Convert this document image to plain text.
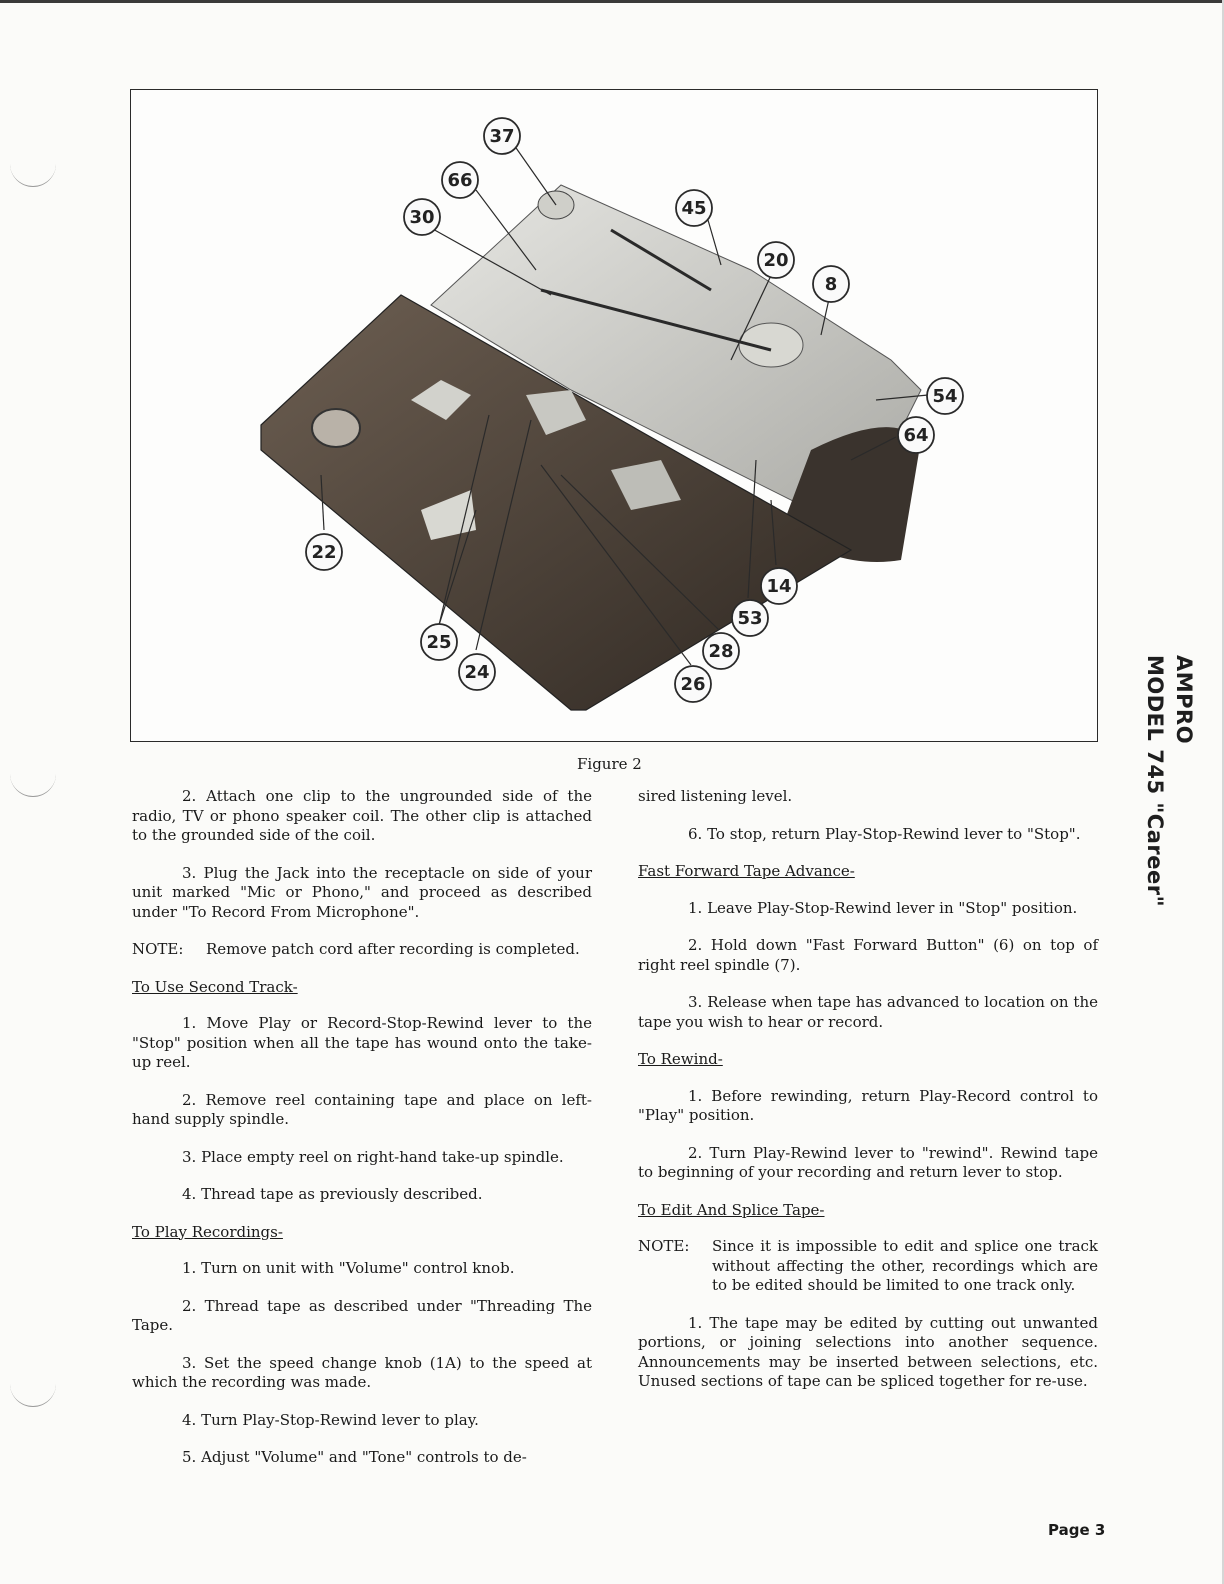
AMPRO
MODEL 745 "Career"
37
66
30	45
20
8
54
64
22
14
53
28
26
25
24
Figure 2

2. Attach one clip to the ungrounded side of the radio, TV or phono speaker coil. The other clip is attached to the grounded side of the coil.

3. Plug the Jack into the receptacle on side of your unit marked "Mic or Phono," and proceed as described under "To Record From Microphone".

NOTE:	Remove patch cord after recording is completed.

To Use Second Track-

1. Move Play or Record-Stop-Rewind lever to the "Stop" position when all the tape has wound onto the take-up reel.

2. Remove reel containing tape and place on left-hand supply spindle.

3. Place empty reel on right-hand take-up spindle.

4. Thread tape as previously described.

To Play Recordings-

1. Turn on unit with "Volume" control knob.

2. Thread tape as described under "Threading The Tape.

3. Set the speed change knob (1A) to the speed at which the recording was made.

4. Turn Play-Stop-Rewind lever to play.

5. Adjust "Volume" and "Tone" controls to de-

sired listening level.

6. To stop, return Play-Stop-Rewind lever to "Stop".

Fast Forward Tape Advance-

1. Leave Play-Stop-Rewind lever in "Stop" position.

2. Hold down "Fast Forward Button" (6) on top of right reel spindle (7).

3. Release when tape has advanced to location on the tape you wish to hear or record.

To Rewind-

1. Before rewinding, return Play-Record control to "Play" position.

2. Turn Play-Rewind lever to "rewind". Rewind tape to beginning of your recording and return lever to stop.

To Edit And Splice Tape-

NOTE:	Since it is impossible to edit and splice one track without affecting the other, recordings which are to be edited should be limited to one track only.

1. The tape may be edited by cutting out unwanted portions, or joining selections into another sequence. Announcements may be inserted between selections, etc. Unused sections of tape can be spliced together for re-use.

Page 3
